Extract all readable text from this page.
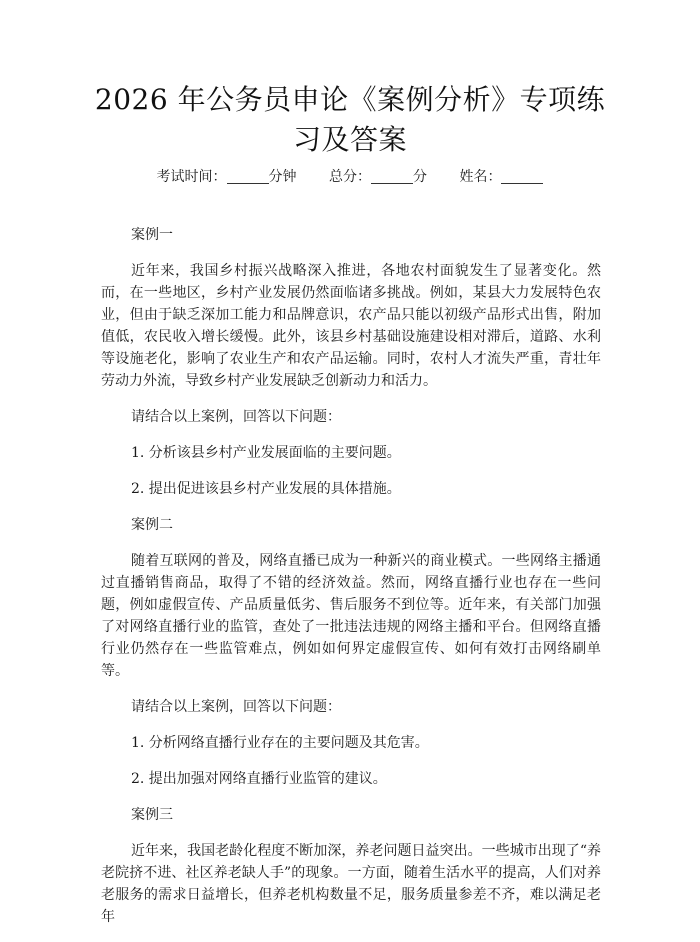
2026 年公务员申论《案例分析》专项练习及答案
考试时间：	分钟 总分：	分 姓名：

案例一

近年来，我国乡村振兴战略深入推进，各地农村面貌发生了显著变化。然而，在一些地区，乡村产业发展仍然面临诸多挑战。例如，某县大力发展特色农业，但由于缺乏深加工能力和品牌意识，农产品只能以初级产品形式出售，附加值低，农民收入增长缓慢。此外，该县乡村基础设施建设相对滞后，道路、水利等设施老化，影响了农业生产和农产品运输。同时，农村人才流失严重，青壮年劳动力外流，导致乡村产业发展缺乏创新动力和活力。

请结合以上案例，回答以下问题：

1. 分析该县乡村产业发展面临的主要问题。

2. 提出促进该县乡村产业发展的具体措施。

案例二

随着互联网的普及，网络直播已成为一种新兴的商业模式。一些网络主播通过直播销售商品，取得了不错的经济效益。然而，网络直播行业也存在一些问题，例如虚假宣传、产品质量低劣、售后服务不到位等。近年来，有关部门加强了对网络直播行业的监管，查处了一批违法违规的网络主播和平台。但网络直播行业仍然存在一些监管难点，例如如何界定虚假宣传、如何有效打击网络刷单等。

请结合以上案例，回答以下问题：

1. 分析网络直播行业存在的主要问题及其危害。

2. 提出加强对网络直播行业监管的建议。

案例三

近年来，我国老龄化程度不断加深，养老问题日益突出。一些城市出现了“养老院挤不进、社区养老缺人手”的现象。一方面，随着生活水平的提高，人们对养老服务的需求日益增长，但养老机构数量不足，服务质量参差不齐，难以满足老年
